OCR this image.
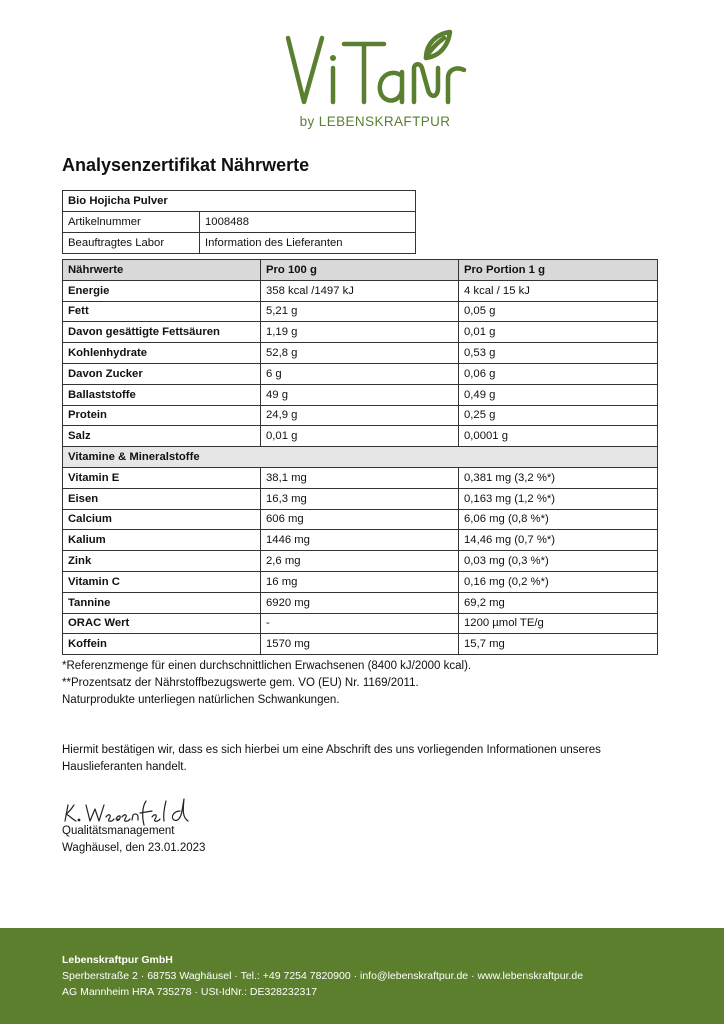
by LEBENSKRAFTPUR
Analysenzertifikat Nährwerte
Bio Hojicha Pulver	
Artikelnummer	1008488
Beauftragtes Labor	Information des Lieferanten
Nährwerte	Pro 100 g	Pro Portion 1 g
Energie	358 kcal /1497 kJ	4 kcal / 15 kJ
Fett	5,21 g	0,05 g
Davon gesättigte Fettsäuren	1,19 g	0,01 g
Kohlenhydrate	52,8 g	0,53 g
Davon Zucker	6 g	0,06 g
Ballaststoffe	49 g	0,49 g
Protein	24,9 g	0,25 g
Salz	0,01 g	0,0001 g
Vitamine & Mineralstoffe		
Vitamin E	38,1 mg	0,381 mg (3,2 %*)
Eisen	16,3 mg	0,163 mg (1,2 %*)
Calcium	606 mg	6,06 mg (0,8 %*)
Kalium	1446 mg	14,46 mg (0,7 %*)
Zink	2,6 mg	0,03 mg (0,3 %*)
Vitamin C	16 mg	0,16 mg (0,2 %*)
Tannine	6920 mg	69,2 mg
ORAC Wert	-	1200 µmol TE/g
Koffein	1570 mg	15,7 mg

*Referenzmenge für einen durchschnittlichen Erwachsenen (8400 kJ/2000 kcal).

**Prozentsatz der Nährstoffbezugswerte gem. VO (EU) Nr. 1169/2011.

Naturprodukte unterliegen natürlichen Schwankungen.

Hiermit bestätigen wir, dass es sich hierbei um eine Abschrift des uns vorliegenden Informationen unseres Hauslieferanten handelt.

Qualitätsmanagement

Waghäusel, den 23.01.2023

Lebenskraftpur GmbH

Sperberstraße 2 · 68753 Waghäusel · Tel.: +49 7254 7820900 · info@lebenskraftpur.de · www.lebenskraftpur.de

AG Mannheim HRA 735278 · USt-IdNr.: DE328232317
